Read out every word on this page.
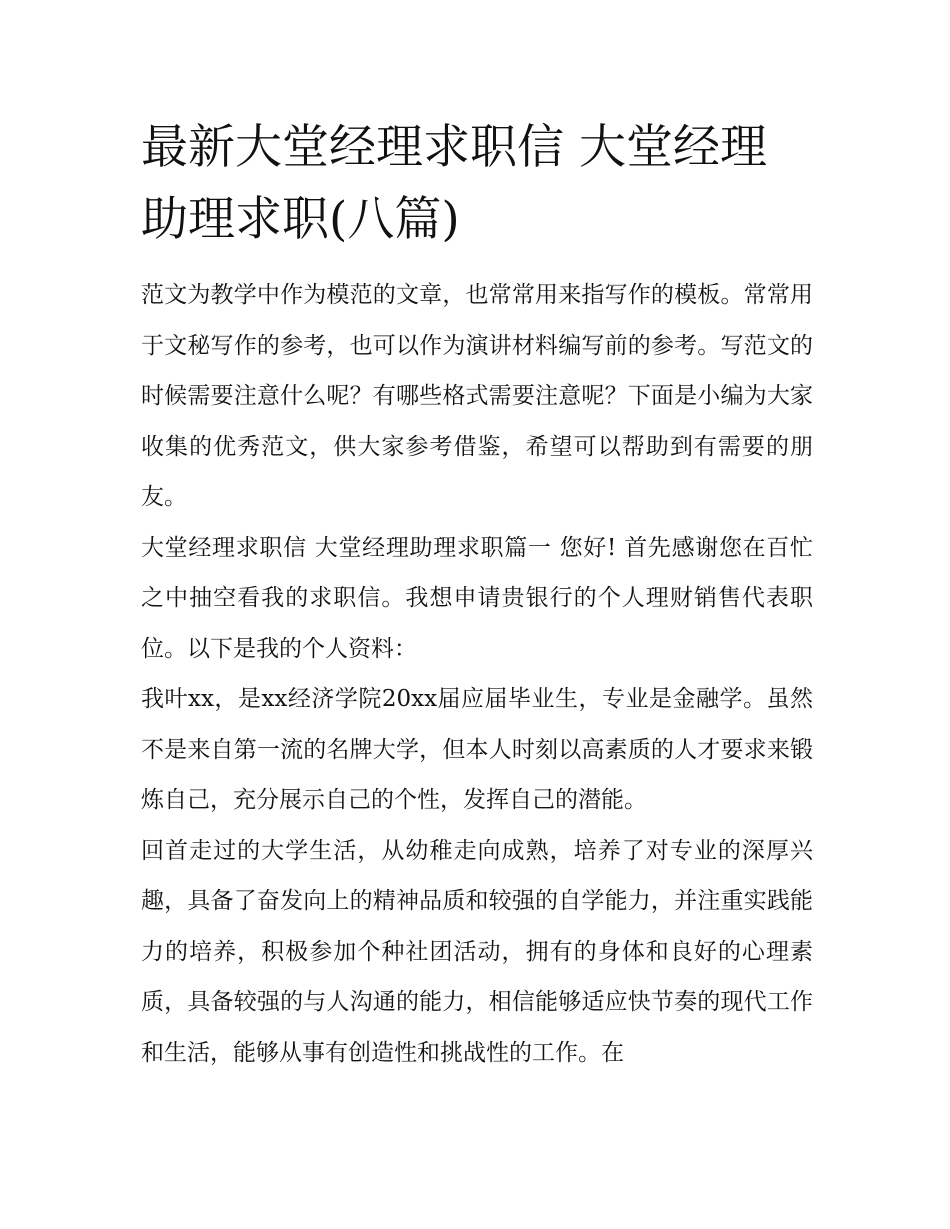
最新大堂经理求职信 大堂经理助理求职(八篇)

范文为教学中作为模范的文章，也常常用来指写作的模板。常常用于文秘写作的参考，也可以作为演讲材料编写前的参考。写范文的时候需要注意什么呢？有哪些格式需要注意呢？下面是小编为大家收集的优秀范文，供大家参考借鉴，希望可以帮助到有需要的朋友。

大堂经理求职信 大堂经理助理求职篇一 您好! 首先感谢您在百忙之中抽空看我的求职信。我想申请贵银行的个人理财销售代表职位。以下是我的个人资料：

我叶xx，是xx经济学院20xx届应届毕业生，专业是金融学。虽然不是来自第一流的名牌大学，但本人时刻以高素质的人才要求来锻炼自己，充分展示自己的个性，发挥自己的潜能。

回首走过的大学生活，从幼稚走向成熟，培养了对专业的深厚兴趣，具备了奋发向上的精神品质和较强的自学能力，并注重实践能力的培养，积极参加个种社团活动，拥有的身体和良好的心理素质，具备较强的与人沟通的能力，相信能够适应快节奏的现代工作和生活，能够从事有创造性和挑战性的工作。在
